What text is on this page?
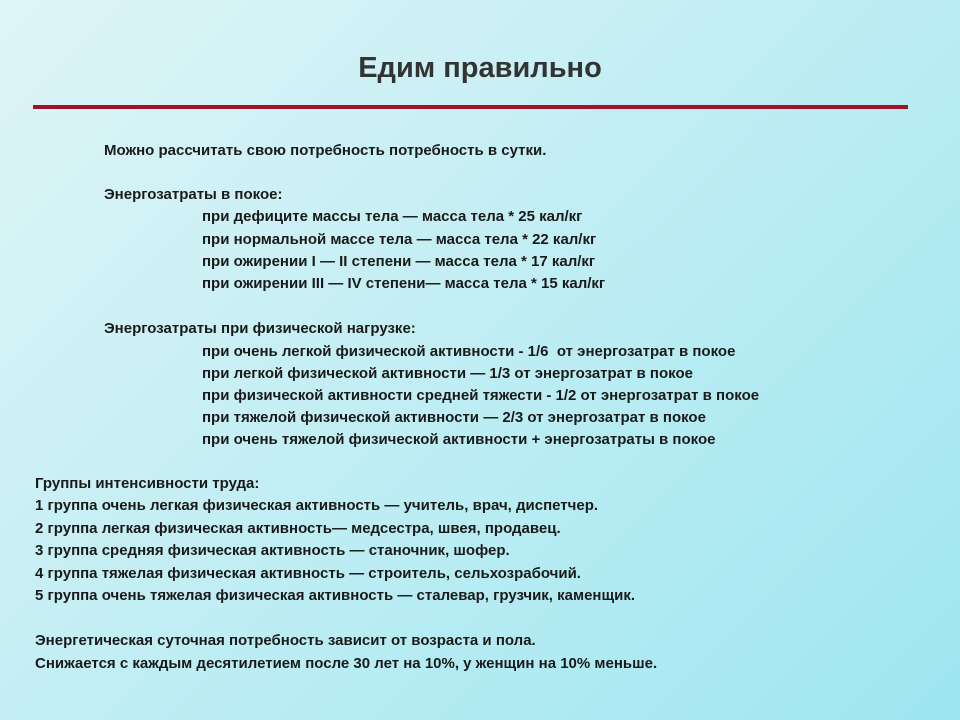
Едим правильно
Можно рассчитать свою потребность потребность в сутки.
Энергозатраты в покое:
при дефиците массы тела — масса тела * 25 кал/кг
при нормальной массе тела — масса тела * 22 кал/кг
при ожирении I — II степени — масса тела * 17 кал/кг
при ожирении III — IV степени— масса тела * 15 кал/кг
Энергозатраты при физической нагрузке:
при очень легкой физической активности - 1/6  от энергозатрат в покое
при легкой физической активности — 1/3 от энергозатрат в покое
при физической активности средней тяжести - 1/2 от энергозатрат в покое
при тяжелой физической активности — 2/3 от энергозатрат в покое
при очень тяжелой физической активности + энергозатраты в покое
Группы интенсивности труда:
1 группа очень легкая физическая активность — учитель, врач, диспетчер.
2 группа легкая физическая активность— медсестра, швея, продавец.
3 группа средняя физическая активность — станочник, шофер.
4 группа тяжелая физическая активность — строитель, сельхозрабочий.
5 группа очень тяжелая физическая активность — сталевар, грузчик, каменщик.
Энергетическая суточная потребность зависит от возраста и пола.
Снижается с каждым десятилетием после 30 лет на 10%, у женщин на 10% меньше.
